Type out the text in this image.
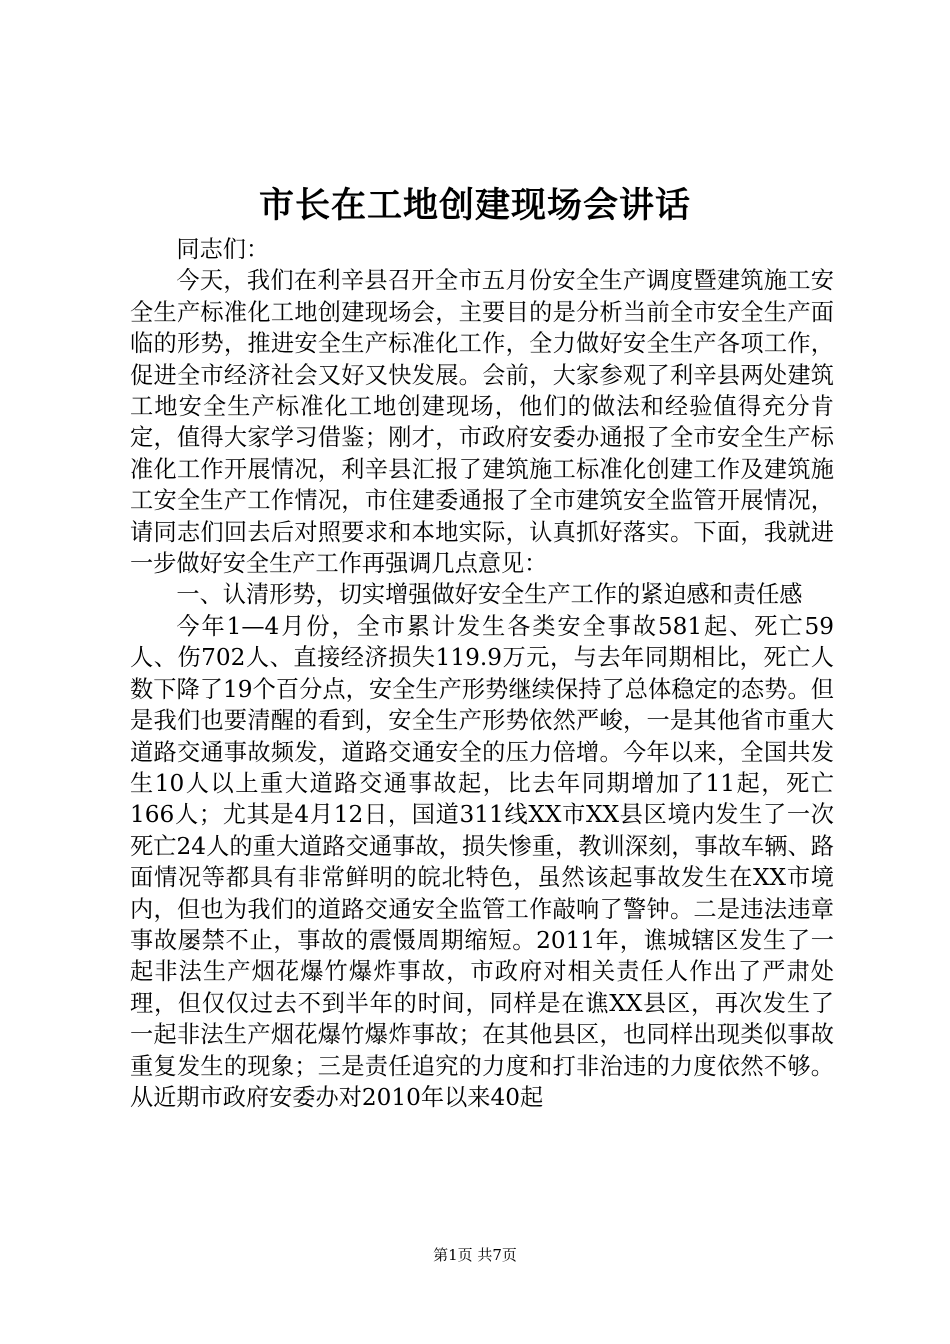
市长在工地创建现场会讲话

同志们：

今天，我们在利辛县召开全市五月份安全生产调度暨建筑施工安全生产标准化工地创建现场会，主要目的是分析当前全市安全生产面临的形势，推进安全生产标准化工作，全力做好安全生产各项工作，促进全市经济社会又好又快发展。会前，大家参观了利辛县两处建筑工地安全生产标准化工地创建现场，他们的做法和经验值得充分肯定，值得大家学习借鉴；刚才，市政府安委办通报了全市安全生产标准化工作开展情况，利辛县汇报了建筑施工标准化创建工作及建筑施工安全生产工作情况，市住建委通报了全市建筑安全监管开展情况，请同志们回去后对照要求和本地实际，认真抓好落实。下面，我就进一步做好安全生产工作再强调几点意见：

一、认清形势，切实增强做好安全生产工作的紧迫感和责任感

今年1—4月份，全市累计发生各类安全事故581起、死亡59人、伤702人、直接经济损失119.9万元，与去年同期相比，死亡人数下降了19个百分点，安全生产形势继续保持了总体稳定的态势。但是我们也要清醒的看到，安全生产形势依然严峻，一是其他省市重大道路交通事故频发，道路交通安全的压力倍增。今年以来，全国共发生10人以上重大道路交通事故起，比去年同期增加了11起，死亡166人；尤其是4月12日，国道311线XX市XX县区境内发生了一次死亡24人的重大道路交通事故，损失惨重，教训深刻，事故车辆、路面情况等都具有非常鲜明的皖北特色，虽然该起事故发生在XX市境内，但也为我们的道路交通安全监管工作敲响了警钟。二是违法违章事故屡禁不止，事故的震慑周期缩短。2011年，谯城辖区发生了一起非法生产烟花爆竹爆炸事故，市政府对相关责任人作出了严肃处理，但仅仅过去不到半年的时间，同样是在谯XX县区，再次发生了一起非法生产烟花爆竹爆炸事故；在其他县区，也同样出现类似事故重复发生的现象；三是责任追究的力度和打非治违的力度依然不够。从近期市政府安委办对2010年以来40起

第1页 共7页
